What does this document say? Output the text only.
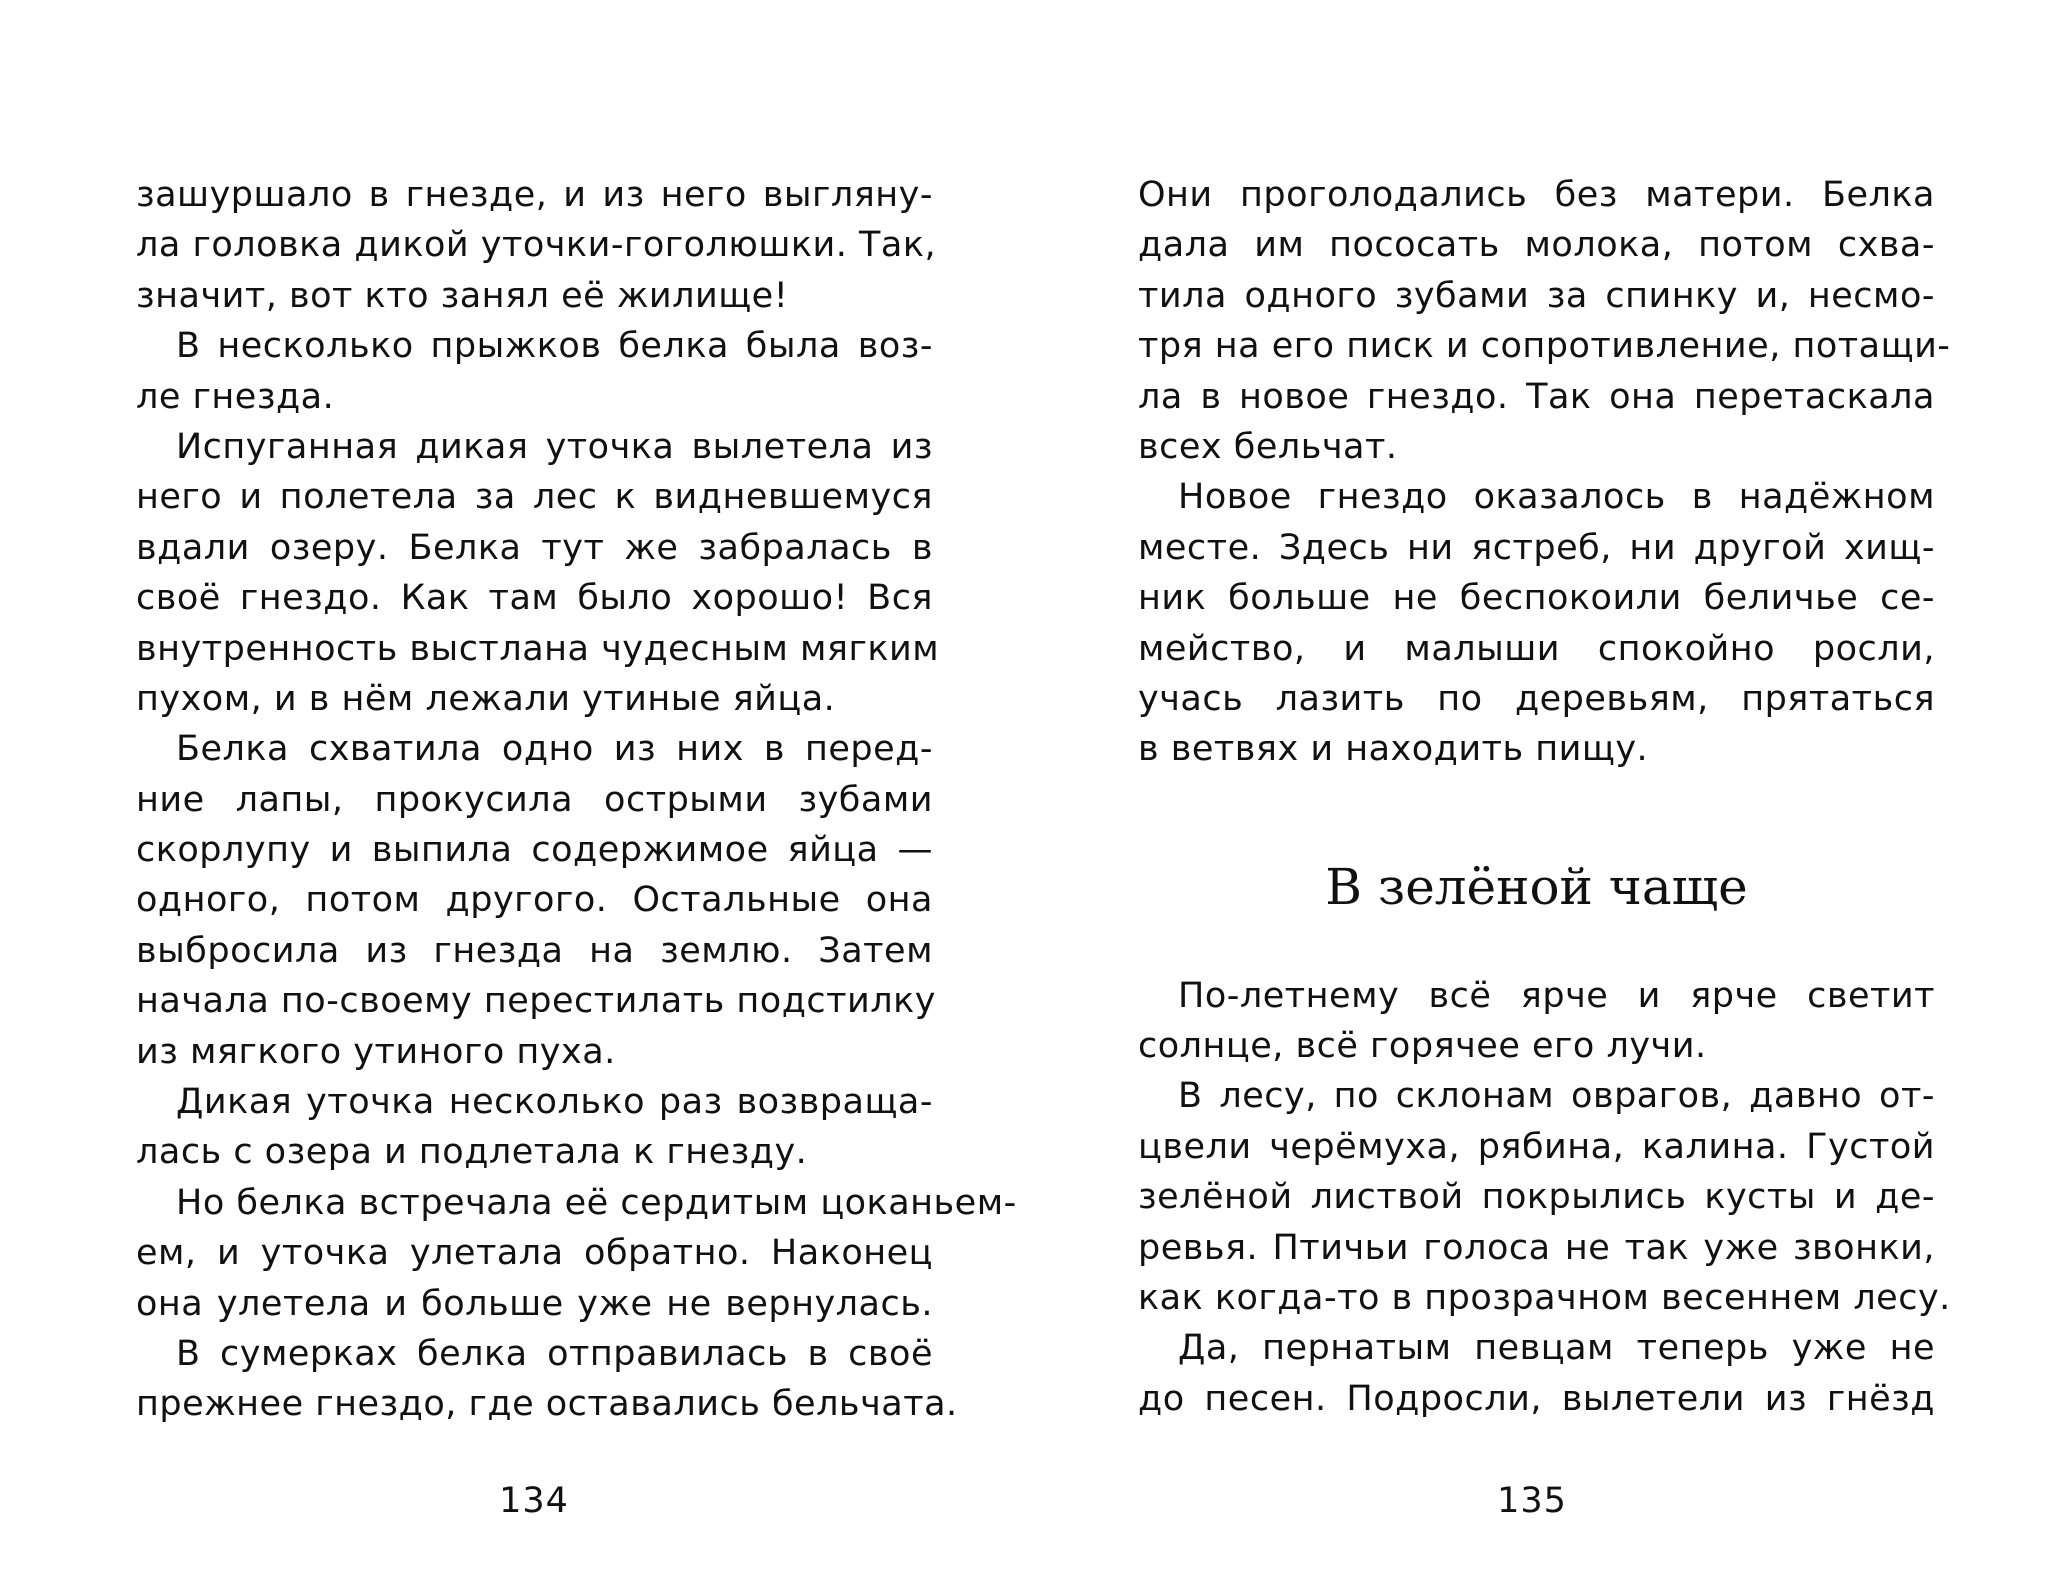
зашуршало в гнезде, и из него выгляну-
ла головка дикой уточки-гоголюшки. Так,
значит, вот кто занял её жилище!
В несколько прыжков белка была воз-
ле гнезда.
Испуганная дикая уточка вылетела из
него и полетела за лес к видневшемуся
вдали озеру. Белка тут же забралась в
своё гнездо. Как там было хорошо! Вся
внутренность выстлана чудесным мягким
пухом, и в нём лежали утиные яйца.
Белка схватила одно из них в перед-
ние лапы, прокусила острыми зубами
скорлупу и выпила содержимое яйца —
одного, потом другого. Остальные она
выбросила из гнезда на землю. Затем
начала по-своему перестилать подстилку
из мягкого утиного пуха.
Дикая уточка несколько раз возвраща-
лась с озера и подлетала к гнезду.
Но белка встречала её сердитым цоканьем-
ем, и уточка улетала обратно. Наконец
она улетела и больше уже не вернулась.
В сумерках белка отправилась в своё
прежнее гнездо, где оставались бельчата.
Они проголодались без матери. Белка
дала им пососать молока, потом схва-
тила одного зубами за спинку и, несмо-
тря на его писк и сопротивление, потащи-
ла в новое гнездо. Так она перетаскала
всех бельчат.
Новое гнездо оказалось в надёжном
месте. Здесь ни ястреб, ни другой хищ-
ник больше не беспокоили беличье се-
мейство, и малыши спокойно росли,
учась лазить по деревьям, прятаться
в ветвях и находить пищу.
В зелёной чаще
По-летнему всё ярче и ярче светит
солнце, всё горячее его лучи.
В лесу, по склонам оврагов, давно от-
цвели черёмуха, рябина, калина. Густой
зелёной листвой покрылись кусты и де-
ревья. Птичьи голоса не так уже звонки,
как когда-то в прозрачном весеннем лесу.
Да, пернатым певцам теперь уже не
до песен. Подросли, вылетели из гнёзд
134	135
